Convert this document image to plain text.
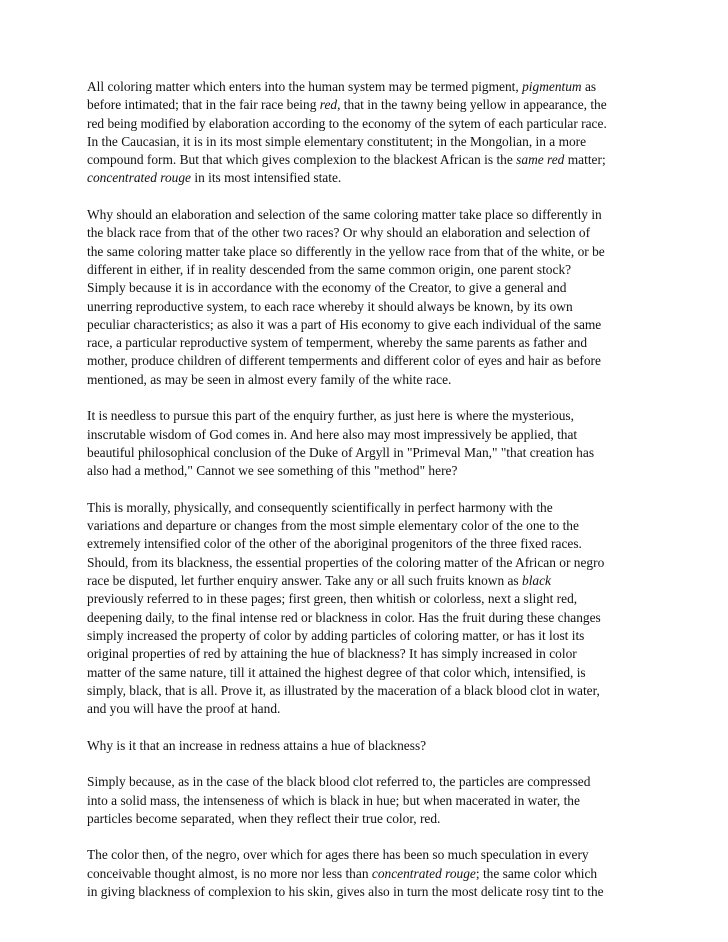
All coloring matter which enters into the human system may be termed pigment, pigmentum as
before intimated; that in the fair race being red, that in the tawny being yellow in appearance, the
red being modified by elaboration according to the economy of the sytem of each particular race.
In the Caucasian, it is in its most simple elementary constitutent; in the Mongolian, in a more
compound form. But that which gives complexion to the blackest African is the same red matter;
concentrated rouge in its most intensified state.
Why should an elaboration and selection of the same coloring matter take place so differently in
the black race from that of the other two races? Or why should an elaboration and selection of
the same coloring matter take place so differently in the yellow race from that of the white, or be
different in either, if in reality descended from the same common origin, one parent stock?
Simply because it is in accordance with the economy of the Creator, to give a general and
unerring reproductive system, to each race whereby it should always be known, by its own
peculiar characteristics; as also it was a part of His economy to give each individual of the same
race, a particular reproductive system of temperment, whereby the same parents as father and
mother, produce children of different temperments and different color of eyes and hair as before
mentioned, as may be seen in almost every family of the white race.
It is needless to pursue this part of the enquiry further, as just here is where the mysterious,
inscrutable wisdom of God comes in. And here also may most impressively be applied, that
beautiful philosophical conclusion of the Duke of Argyll in "Primeval Man," "that creation has
also had a method," Cannot we see something of this "method" here?
This is morally, physically, and consequently scientifically in perfect harmony with the
variations and departure or changes from the most simple elementary color of the one to the
extremely intensified color of the other of the aboriginal progenitors of the three fixed races.
Should, from its blackness, the essential properties of the coloring matter of the African or negro
race be disputed, let further enquiry answer. Take any or all such fruits known as black
previously referred to in these pages; first green, then whitish or colorless, next a slight red,
deepening daily, to the final intense red or blackness in color. Has the fruit during these changes
simply increased the property of color by adding particles of coloring matter, or has it lost its
original properties of red by attaining the hue of blackness? It has simply increased in color
matter of the same nature, till it attained the highest degree of that color which, intensified, is
simply, black, that is all. Prove it, as illustrated by the maceration of a black blood clot in water,
and you will have the proof at hand.
Why is it that an increase in redness attains a hue of blackness?
Simply because, as in the case of the black blood clot referred to, the particles are compressed
into a solid mass, the intenseness of which is black in hue; but when macerated in water, the
particles become separated, when they reflect their true color, red.
The color then, of the negro, over which for ages there has been so much speculation in every
conceivable thought almost, is no more nor less than concentrated rouge; the same color which
in giving blackness of complexion to his skin, gives also in turn the most delicate rosy tint to the
